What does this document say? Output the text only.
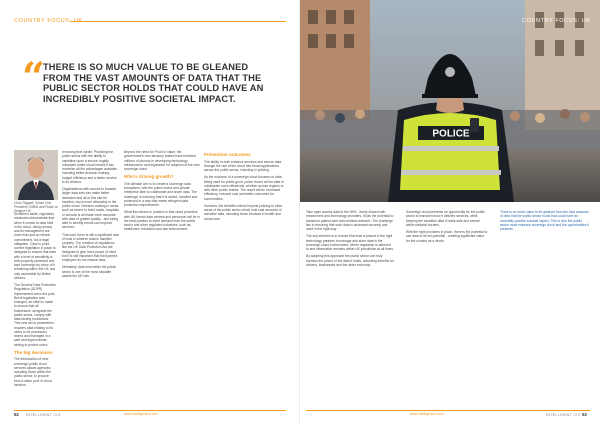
COUNTRY FOCUS: UK
“
THERE IS SO MUCH VALUE TO BE GLEANED FROM THE VAST AMOUNTS OF DATA THAT THE PUBLIC SECTOR HOLDS THAT COULD HAVE AN INCREDIBLY POSITIVE SOCIETAL IMPACT.
Chris Paggett, Senior Vice President, EMEA and Public at Zengine UK

Sentiment aside, regulatory measures demonstrate that when it comes to data held in the cloud, doing privacy and its management are more than just an ethical commitment, but a legal obligation. Case in point, current legislation in place is designed to ensure that data with a level of sensitivity is both properly protected and kept sovereign by virtue of it remaining within the UK and only accessible by British citizens.

The General Data Protection Regulation (GDPR) implemented when the post-Brexit legislation was changed, an effort is made to ensure that all businesses, alongside the public sector, comply with data storing restrictions. This new set of parameters requires data relating to its users to be processed, stored and managed in a safe and legal manner, aiming to protect users.

The big decisions

The introduction of new sovereign public cloud services allows agencies, including those within the public sector, to procure from a wider pool of cloud vendors.

removing that hurdle. Providing the public sector with the ability to capitalise upon a secure, legally compliant public cloud means it can monetise all the advantages available - including better decision-making, budget efficiency and a better service to its citizens.

Organisations with access to broader, larger data sets can make better decisions and all of this can be handled, much more affordably in the public cloud. Decision-making in areas such as where to build roads, hospitals or schools is all made more accurate with data of greater quality - and being able to identify trends can improve services.

That said, there is still a significant lack of trust in whether data is handled properly. The creation of regulations like the UK Data Protection Act are designed to give more peace of mind, but it is still important that third parties employed do not misuse data.

Ultimately, data held within the public sector is one of the most valuable assets the UK has.

Beyond the need for Proof of value, the government's own advisory bodies have invested millions of pounds in developing technology infrastructure and legislation for adoption of the new sovereign cloud.

Who's driving growth?

The ultimate aim is to create a sovereign data ecosystem, with the public sector and private enterprise able to collaborate and share data. The challenge is ensuring that it is stored, handled and protected in a way that meets stringent data protection requirements.

What this means in practice is that cloud providers with UK-based data centres and personnel will be in the best position to meet demand from the public sector and other regulated industries, such as healthcare, education and law enforcement.

Prevention outcomes

The ability to both enhance services and secure data through the use of the cloud has broad applications across the public sector, including in policing.

As the outcome of a sovereign cloud focuses on data being used for public good, police forces will be able to collaborate more effectively, whether across regions or with other public bodies. The result will be increased efficiency, reduced cost and better outcomes for communities.

However, the benefits extend beyond policing to other areas of the public sector which hold vast amounts of sensitive data, including those involved in health and social care.

52 INTELLIGENT CIO	www.intelligentcio.com
POLICE
COUNTRY FOCUS: UK

Take open access data in the NHS - freely shared with researchers and technology providers, it has the potential to transform patient care and medical research. The challenge lies in ensuring that such data is accessed securely and used in the right way.

The key element is to ensure that trust is placed in the right technology partners to manage and store data in the sovereign cloud environment, where regulation is adhered to and information remains within UK jurisdiction at all times.

By adopting this approach the public sector can truly harness the power of the data it holds, unlocking benefits for citizens, businesses and the wider economy.

Sovereign cloud presents an opportunity for the public sector to transform how it delivers services, while keeping the sensitive data it holds safe and secure within national borders.

With the right providers in place, there is the potential to use data to its full potential - creating significant value for the country as a whole.

There is so much value to be gleaned from the vast amounts of data that the public sector holds that could have an incredibly positive societal impact. This is why the public sector must embrace sovereign cloud and the opportunities it presents.

www.intelligentcio.com	INTELLIGENT CIO 53
